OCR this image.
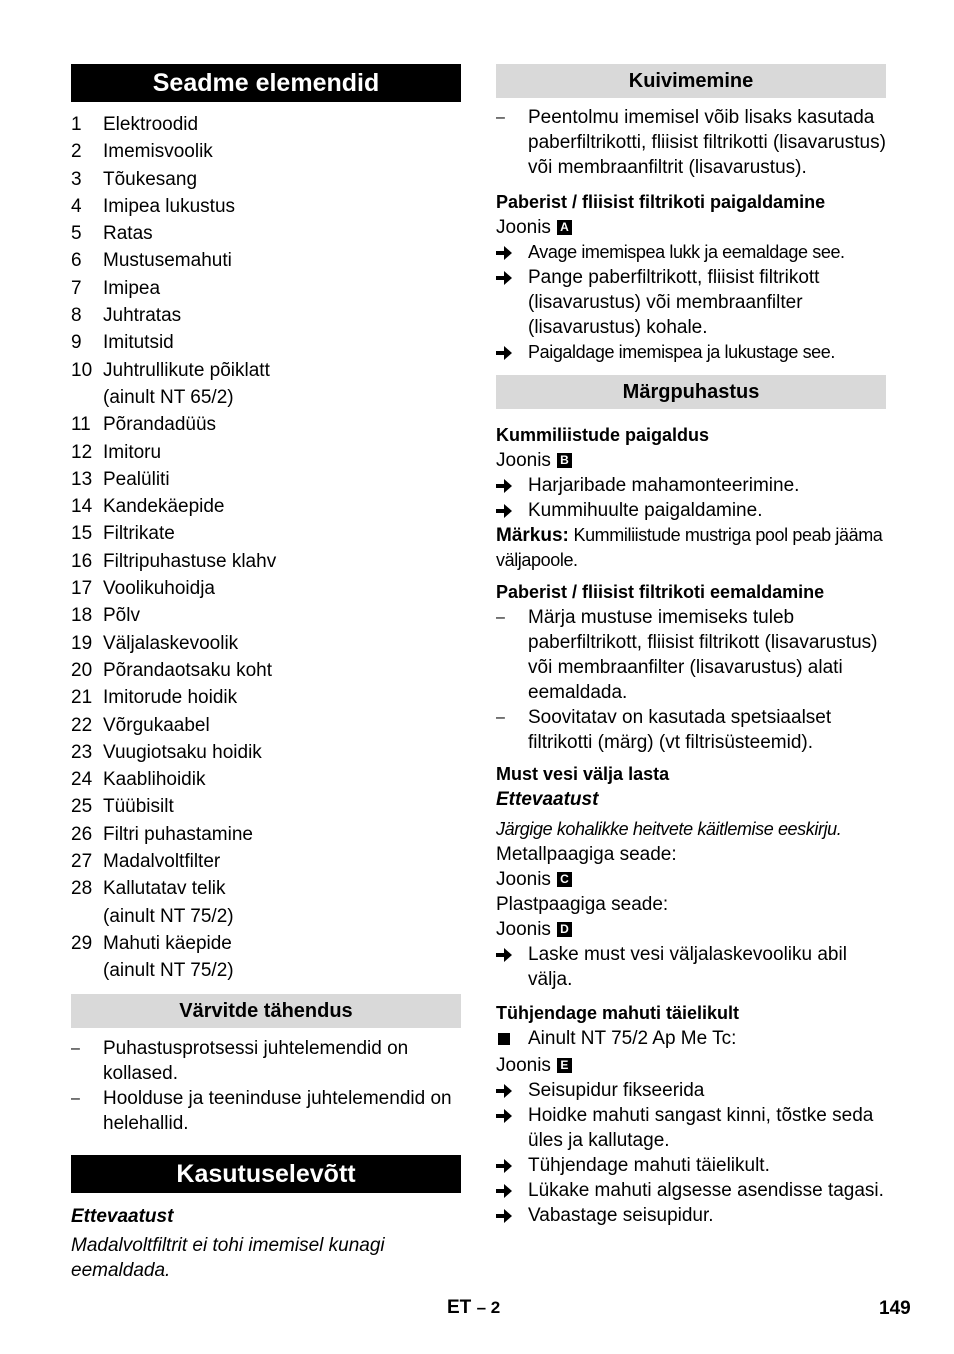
Seadme elemendid
1	Elektroodid
2	Imemisvoolik
3	Tõukesang
4	Imipea lukustus
5	Ratas
6	Mustusemahuti
7	Imipea
8	Juhtratas
9	Imitutsid
10 Juhtrullikute põiklatt
(ainult NT 65/2)
11 Põrandadüüs
12 Imitoru
13 Pealüliti
14 Kandekäepide
15 Filtrikate
16 Filtripuhastuse klahv
17 Voolikuhoidja
18 Põlv
19 Väljalaskevoolik
20 Põrandaotsaku koht
21 Imitorude hoidik
22 Võrgukaabel
23 Vuugiotsaku hoidik
24 Kaablihoidik
25 Tüübisilt
26 Filtri puhastamine
27 Madalvoltfilter
28 Kallutatav telik
(ainult NT 75/2)
29 Mahuti käepide
(ainult NT 75/2)
Värvitde tähendus
–	Puhastusprotsessi juhtelemendid on kollased.
–	Hoolduse ja teeninduse juhtelemendid on helehallid.
Kasutuselevõtt
Ettevaatust
Madalvoltfiltrit ei tohi imemisel kunagi eemaldada.
Kuivimemine
–	Peentolmu imemisel võib lisaks kasutada paberfiltrikotti, fliisist filtrikotti (lisavarustus) või membraanfiltrit (lisavarustus).
Paberist / fliisist filtrikoti paigaldamine
Joonis A
Avage imemispea lukk ja eemaldage see.
Pange paberfiltrikott, fliisist filtrikott (lisavarustus) või membraanfilter (lisavarustus) kohale.
Paigaldage imemispea ja lukustage see.
Märgpuhastus
Kummiliistude paigaldus
Joonis B
Harjaribade mahamonteerimine.
Kummihuulte paigaldamine.
Märkus: Kummiliistude mustriga pool peab jääma väljapoole.
Paberist / fliisist filtrikoti eemaldamine
–	Märja mustuse imemiseks tuleb paberfiltrikott, fliisist filtrikott (lisavarustus) või membraanfilter (lisavarustus) alati eemaldada.
–	Soovitatav on kasutada spetsiaalset filtrikotti (märg) (vt filtrisüsteemid).
Must vesi välja lasta
Ettevaatust
Järgige kohalikke heitvete käitlemise eeskirju.
Metallpaagiga seade:
Joonis C
Plastpaagiga seade:
Joonis D
Laske must vesi väljalaskevooliku abil välja.
Tühjendage mahuti täielikult
Ainult NT 75/2 Ap Me Tc:
Joonis E
Seisupidur fikseerida
Hoidke mahuti sangast kinni, tõstke seda üles ja kallutage.
Tühjendage mahuti täielikult.
Lükake mahuti algsesse asendisse tagasi.
Vabastage seisupidur.
ET – 2	149
